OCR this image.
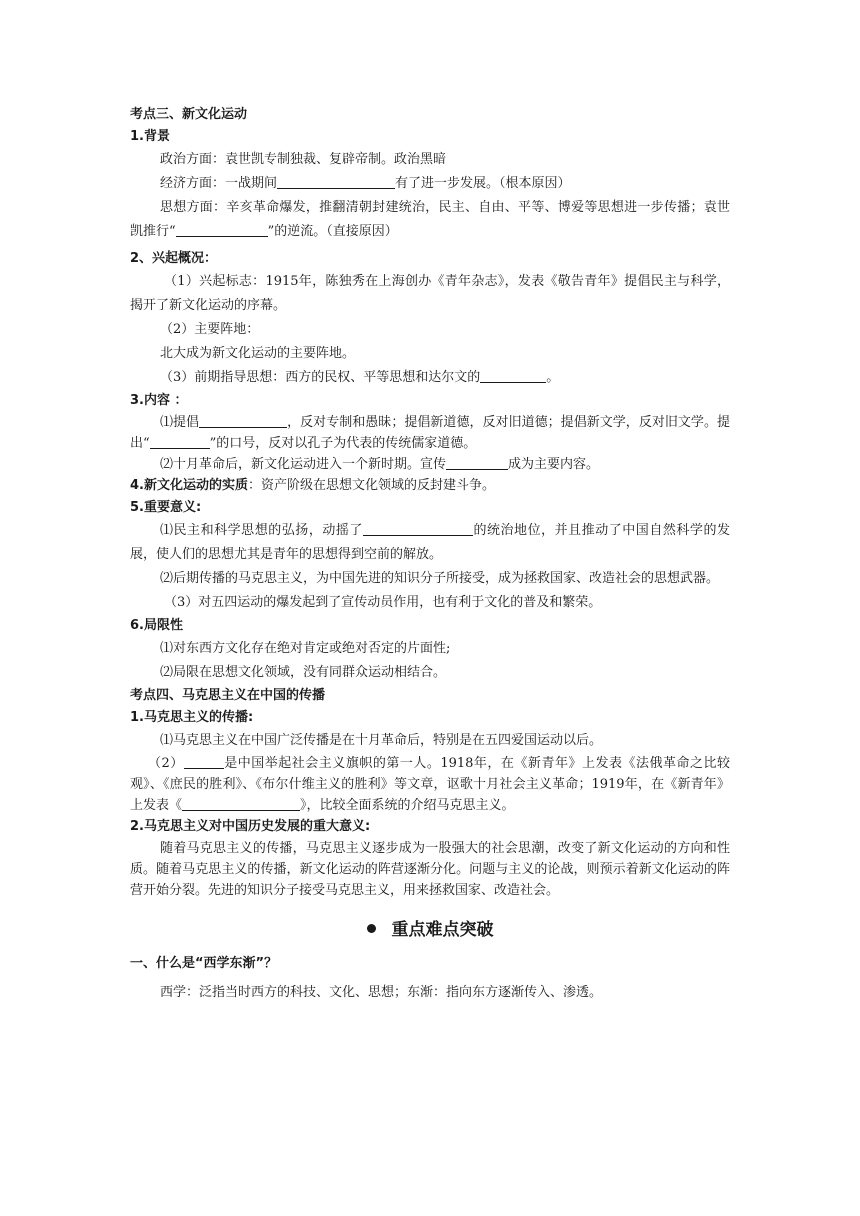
考点三、新文化运动

1.背景

政治方面：袁世凯专制独裁、复辟帝制。政治黑暗

经济方面：一战期间	有了进一步发展。（根本原因）

思想方面：辛亥革命爆发，推翻清朝封建统治，民主、自由、平等、博爱等思想进一步传播；袁世凯推行“	”的逆流。（直接原因）

2、兴起概况：

（1）兴起标志：1915年，陈独秀在上海创办《青年杂志》，发表《敬告青年》提倡民主与科学，揭开了新文化运动的序幕。

（2）主要阵地：

北大成为新文化运动的主要阵地。

（3）前期指导思想：西方的民权、平等思想和达尔文的	。

3.内容 ：

⑴提倡	，反对专制和愚昧；提倡新道德，反对旧道德；提倡新文学，反对旧文学。提出“	”的口号，反对以孔子为代表的传统儒家道德。

⑵十月革命后，新文化运动进入一个新时期。宣传	成为主要内容。

4.新文化运动的实质：资产阶级在思想文化领域的反封建斗争。

5.重要意义:

⑴民主和科学思想的弘扬，动摇了	的统治地位，并且推动了中国自然科学的发展，使人们的思想尤其是青年的思想得到空前的解放。

⑵后期传播的马克思主义，为中国先进的知识分子所接受，成为拯救国家、改造社会的思想武器。

（3）对五四运动的爆发起到了宣传动员作用，也有利于文化的普及和繁荣。

6.局限性

⑴对东西方文化存在绝对肯定或绝对否定的片面性;

⑵局限在思想文化领域，没有同群众运动相结合。

考点四、马克思主义在中国的传播

1.马克思主义的传播:

⑴马克思主义在中国广泛传播是在十月革命后，特别是在五四爱国运动以后。

（2）	是中国举起社会主义旗帜的第一人。1918年，在《新青年》上发表《法俄革命之比较观》、《庶民的胜利》、《布尔什维主义的胜利》等文章，讴歌十月社会主义革命；1919年，在《新青年》上发表《	》，比较全面系统的介绍马克思主义。

2.马克思主义对中国历史发展的重大意义:

随着马克思主义的传播，马克思主义逐步成为一股强大的社会思潮，改变了新文化运动的方向和性质。随着马克思主义的传播，新文化运动的阵营逐渐分化。问题与主义的论战，则预示着新文化运动的阵营开始分裂。先进的知识分子接受马克思主义，用来拯救国家、改造社会。

重点难点突破

一、什么是“西学东渐”？

西学：泛指当时西方的科技、文化、思想；东渐：指向东方逐渐传入、渗透。
